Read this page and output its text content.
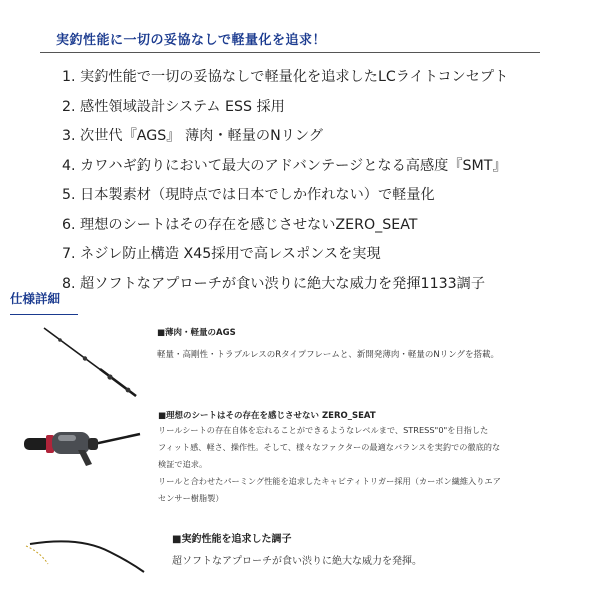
実釣性能に一切の妥協なしで軽量化を追求！
1. 実釣性能で一切の妥協なしで軽量化を追求したLCライトコンセプト
2. 感性領域設計システム ESS 採用
3. 次世代『AGS』 薄肉・軽量のNリング
4. カワハギ釣りにおいて最大のアドバンテージとなる高感度『SMT』
5. 日本製素材（現時点では日本でしか作れない）で軽量化
6. 理想のシートはその存在を感じさせないZERO_SEAT
7. ネジレ防止構造 X45採用で高レスポンスを実現
8. 超ソフトなアプローチが食い渋りに絶大な威力を発揮1133調子
仕様詳細
■薄肉・軽量のAGS
軽量・高剛性・トラブルレスのRタイプフレームと、新開発薄肉・軽量のNリングを搭載。
■理想のシートはその存在を感じさせない ZERO_SEAT
リールシートの存在自体を忘れることができるようなレベルまで、STRESS"0"を目指した
フィット感、軽さ、操作性。そして、様々なファクターの最適なバランスを実釣での徹底的な
検証で追求。
リールと合わせたパーミング性能を追求したキャビティトリガー採用（カーボン繊維入りエア
センサー樹脂製）
■実釣性能を追求した調子
超ソフトなアプローチが食い渋りに絶大な威力を発揮。
